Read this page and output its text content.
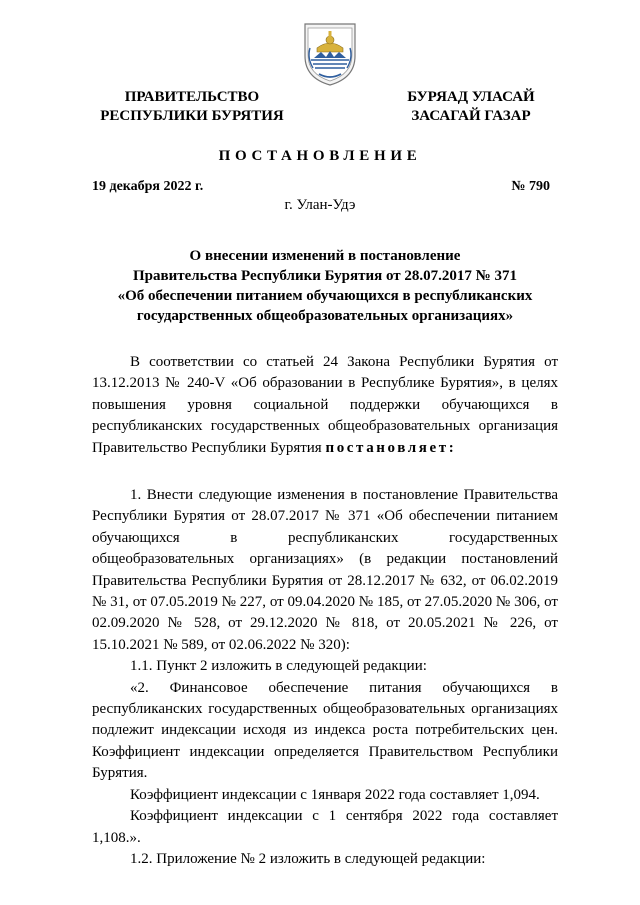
ПРАВИТЕЛЬСТВО
РЕСПУБЛИКИ БУРЯТИЯ
БУРЯАД УЛАСАЙ
ЗАСАГАЙ ГАЗАР
ПОСТАНОВЛЕНИЕ
19 декабря 2022 г.	№ 790
г. Улан-Удэ
О внесении изменений в постановление
Правительства Республики Бурятия от 28.07.2017 № 371
«Об обеспечении питанием обучающихся в республиканских
государственных общеобразовательных организациях»

В соответствии со статьей 24 Закона Республики Бурятия от 13.12.2013 № 240-V «Об образовании в Республике Бурятия», в целях повышения уровня социальной поддержки обучающихся в республиканских государственных общеобразовательных организация Правительство Республики Бурятия постановляет:

1. Внести следующие изменения в постановление Правительства Республики Бурятия от 28.07.2017 № 371 «Об обеспечении питанием обучающихся в республиканских государственных общеобразовательных организациях» (в редакции постановлений Правительства Республики Бурятия от 28.12.2017 № 632, от 06.02.2019 № 31, от 07.05.2019 № 227, от 09.04.2020 № 185, от 27.05.2020 № 306, от 02.09.2020 № 528, от 29.12.2020 № 818, от 20.05.2021 № 226, от 15.10.2021 № 589, от 02.06.2022 № 320):

1.1. Пункт 2 изложить в следующей редакции:

«2. Финансовое обеспечение питания обучающихся в республиканских государственных общеобразовательных организациях подлежит индексации исходя из индекса роста потребительских цен. Коэффициент индексации определяется Правительством Республики Бурятия.

Коэффициент индексации с 1января 2022 года составляет 1,094.

Коэффициент индексации с 1 сентября 2022 года составляет 1,108.».

1.2. Приложение № 2 изложить в следующей редакции:
